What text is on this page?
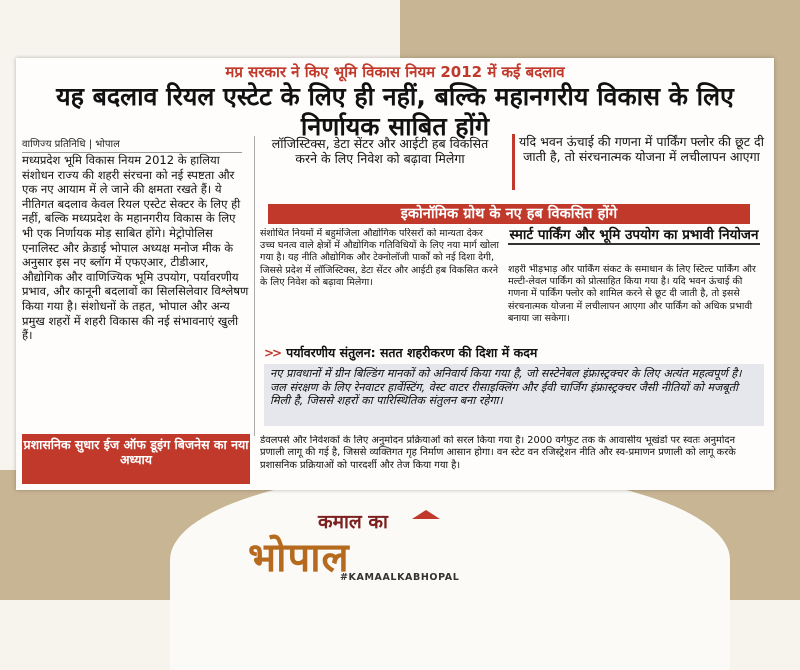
मप्र सरकार ने किए भूमि विकास नियम 2012 में कई बदलाव
यह बदलाव रियल एस्टेट के लिए ही नहीं, बल्कि महानगरीय विकास के लिए निर्णायक साबित होंगे
वाणिज्य प्रतिनिधि | भोपाल
मध्यप्रदेश भूमि विकास नियम 2012 के हालिया संशोधन राज्य की शहरी संरचना को नई स्पष्टता और एक नए आयाम में ले जाने की क्षमता रखते हैं। ये नीतिगत बदलाव केवल रियल एस्टेट सेक्टर के लिए ही नहीं, बल्कि मध्यप्रदेश के महानगरीय विकास के लिए भी एक निर्णायक मोड़ साबित होंगे। मेट्रोपोलिस एनालिस्ट और क्रेडाई भोपाल अध्यक्ष मनोज मीक के अनुसार इस नए ब्लॉग में एफएआर, टीडीआर, औद्योगिक और वाणिज्यिक भूमि उपयोग, पर्यावरणीय प्रभाव, और कानूनी बदलावों का सिलसिलेवार विश्लेषण किया गया है। संशोधनों के तहत, भोपाल और अन्य प्रमुख शहरों में शहरी विकास की नई संभावनाएं खुली हैं।
लॉजिस्टिक्स, डेटा सेंटर और आईटी हब विकसित करने के लिए निवेश को बढ़ावा मिलेगा
यदि भवन ऊंचाई की गणना में पार्किंग फ्लोर की छूट दी जाती है, तो संरचनात्मक योजना में लचीलापन आएगा
इकोनॉमिक ग्रोथ के नए हब विकसित होंगे
संशोधित नियमों में बहुमंजिला औद्योगिक परिसरों को मान्यता देकर उच्च घनत्व वाले क्षेत्रों में औद्योगिक गतिविधियों के लिए नया मार्ग खोला गया है। यह नीति औद्योगिक और टेक्नोलॉजी पार्कों को नई दिशा देगी, जिससे प्रदेश में लॉजिस्टिक्स, डेटा सेंटर और आईटी हब विकसित करने के लिए निवेश को बढ़ावा मिलेगा।
स्मार्ट पार्किंग और भूमि उपयोग का प्रभावी नियोजन
शहरी भीड़भाड़ और पार्किंग संकट के समाधान के लिए स्टिल्ट पार्किंग और मल्टी-लेवल पार्किंग को प्रोत्साहित किया गया है। यदि भवन ऊंचाई की गणना में पार्किंग फ्लोर को शामिल करने से छूट दी जाती है, तो इससे संरचनात्मक योजना में लचीलापन आएगा और पार्किंग को अधिक प्रभावी बनाया जा सकेगा।
>> पर्यावरणीय संतुलन: सतत शहरीकरण की दिशा में कदम
नए प्रावधानों में ग्रीन बिल्डिंग मानकों को अनिवार्य किया गया है, जो सस्टेनेबल इंफ्रास्ट्रक्चर के लिए अत्यंत महत्वपूर्ण है। जल संरक्षण के लिए रेनवाटर हार्वेस्टिंग, वेस्ट वाटर रीसाइक्लिंग और ईवी चार्जिंग इंफ्रास्ट्रक्चर जैसी नीतियों को मजबूती मिली है, जिससे शहरों का पारिस्थितिक संतुलन बना रहेगा।
प्रशासनिक सुधार ईज ऑफ डूइंग बिजनेस का नया अध्याय
डेवलपर्स और निवेशकों के लिए अनुमोदन प्रक्रियाओं को सरल किया गया है। 2000 वर्गफुट तक के आवासीय भूखंडों पर स्वतः अनुमोदन प्रणाली लागू की गई है, जिससे व्यक्तिगत गृह निर्माण आसान होगा। वन स्टेट वन रजिस्ट्रेशन नीति और स्व-प्रमाणन प्रणाली को लागू करके प्रशासनिक प्रक्रियाओं को पारदर्शी और तेज किया गया है।
कमाल का
भोपाल
#KAMAALKABHOPAL
